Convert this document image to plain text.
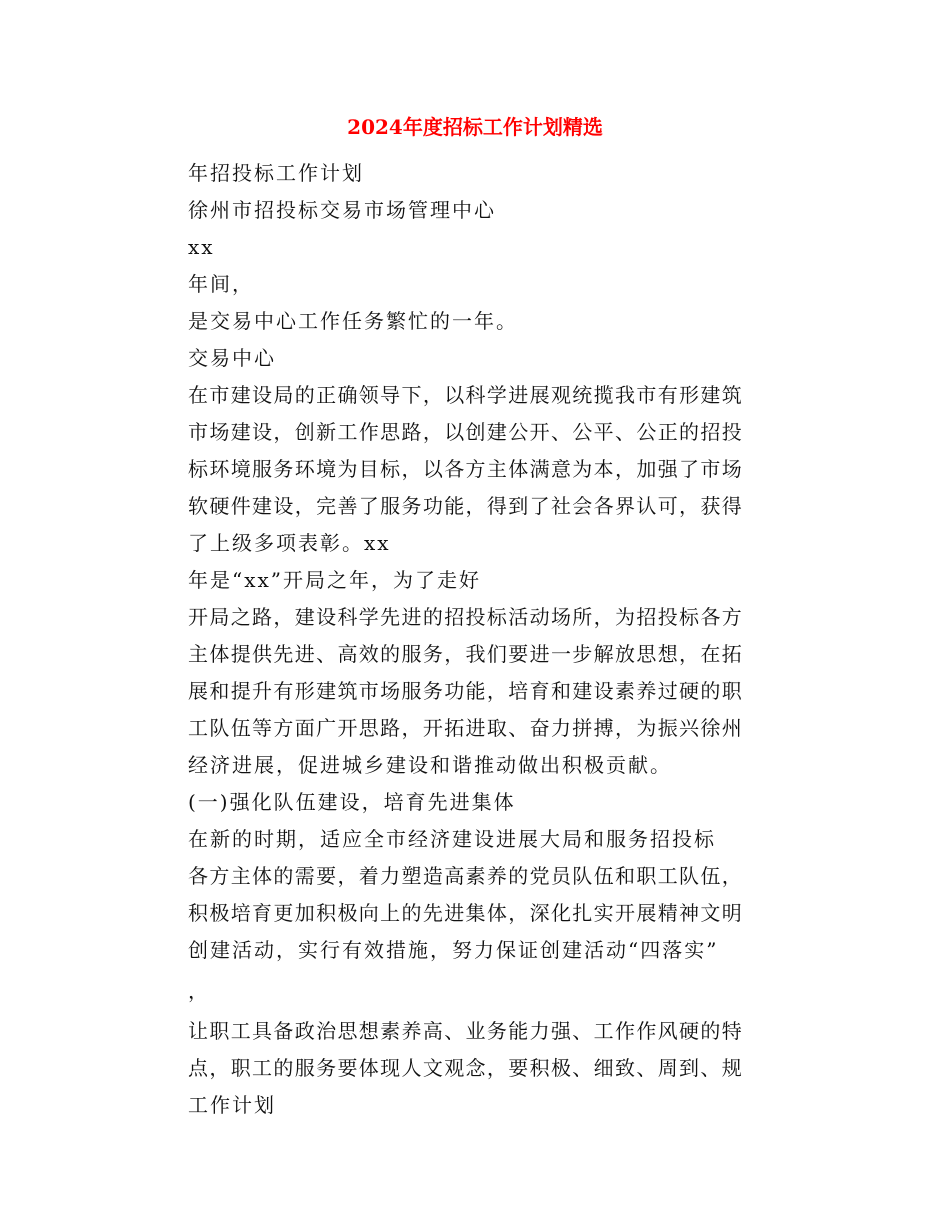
2024年度招标工作计划精选
年招投标工作计划
徐州市招投标交易市场管理中心
xx
年间，
是交易中心工作任务繁忙的一年。
交易中心
在市建设局的正确领导下，以科学进展观统揽我市有形建筑
市场建设，创新工作思路，以创建公开、公平、公正的招投
标环境服务环境为目标，以各方主体满意为本，加强了市场
软硬件建设，完善了服务功能，得到了社会各界认可，获得
了上级多项表彰。xx
年是“xx”开局之年，为了走好
开局之路，建设科学先进的招投标活动场所，为招投标各方
主体提供先进、高效的服务，我们要进一步解放思想，在拓
展和提升有形建筑市场服务功能，培育和建设素养过硬的职
工队伍等方面广开思路，开拓进取、奋力拼搏，为振兴徐州
经济进展，促进城乡建设和谐推动做出积极贡献。
(一)强化队伍建设，培育先进集体
在新的时期，适应全市经济建设进展大局和服务招投标
各方主体的需要，着力塑造高素养的党员队伍和职工队伍，
积极培育更加积极向上的先进集体，深化扎实开展精神文明
创建活动，实行有效措施，努力保证创建活动“四落实”
，
让职工具备政治思想素养高、业务能力强、工作作风硬的特
点，职工的服务要体现人文观念，要积极、细致、周到、规
工作计划
